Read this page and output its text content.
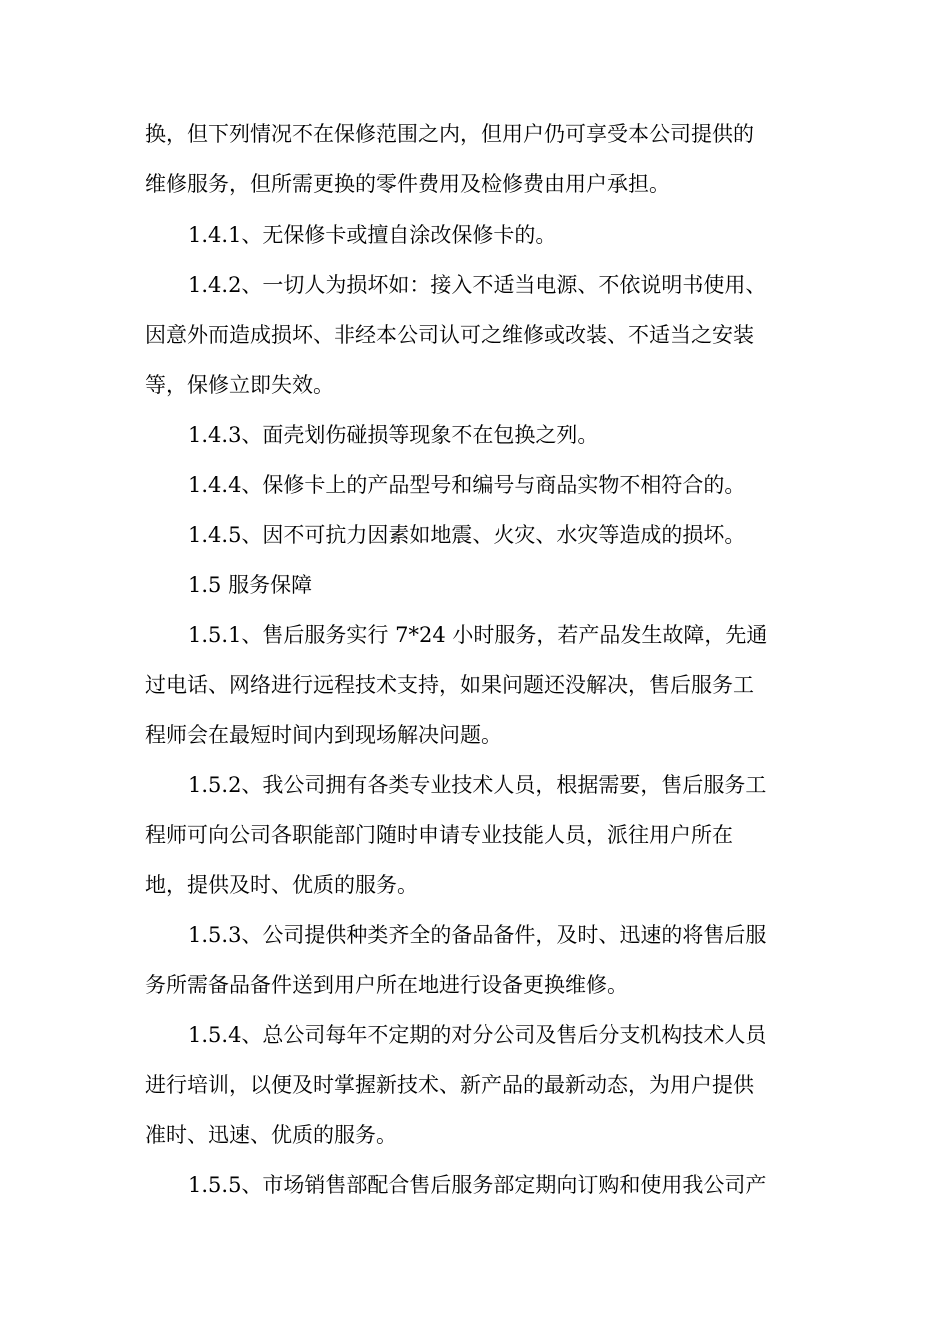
换，但下列情况不在保修范围之内，但用户仍可享受本公司提供的

维修服务，但所需更换的零件费用及检修费由用户承担。

1.4.1、无保修卡或擅自涂改保修卡的。

1.4.2、一切人为损坏如：接入不适当电源、不依说明书使用、

因意外而造成损坏、非经本公司认可之维修或改装、不适当之安装

等，保修立即失效。

1.4.3、面壳划伤碰损等现象不在包换之列。

1.4.4、保修卡上的产品型号和编号与商品实物不相符合的。

1.4.5、因不可抗力因素如地震、火灾、水灾等造成的损坏。

1.5 服务保障

1.5.1、售后服务实行 7*24 小时服务，若产品发生故障，先通

过电话、网络进行远程技术支持，如果问题还没解决，售后服务工

程师会在最短时间内到现场解决问题。

1.5.2、我公司拥有各类专业技术人员，根据需要，售后服务工

程师可向公司各职能部门随时申请专业技能人员，派往用户所在

地，提供及时、优质的服务。

1.5.3、公司提供种类齐全的备品备件，及时、迅速的将售后服

务所需备品备件送到用户所在地进行设备更换维修。

1.5.4、总公司每年不定期的对分公司及售后分支机构技术人员

进行培训，以便及时掌握新技术、新产品的最新动态，为用户提供

准时、迅速、优质的服务。

1.5.5、市场销售部配合售后服务部定期向订购和使用我公司产
